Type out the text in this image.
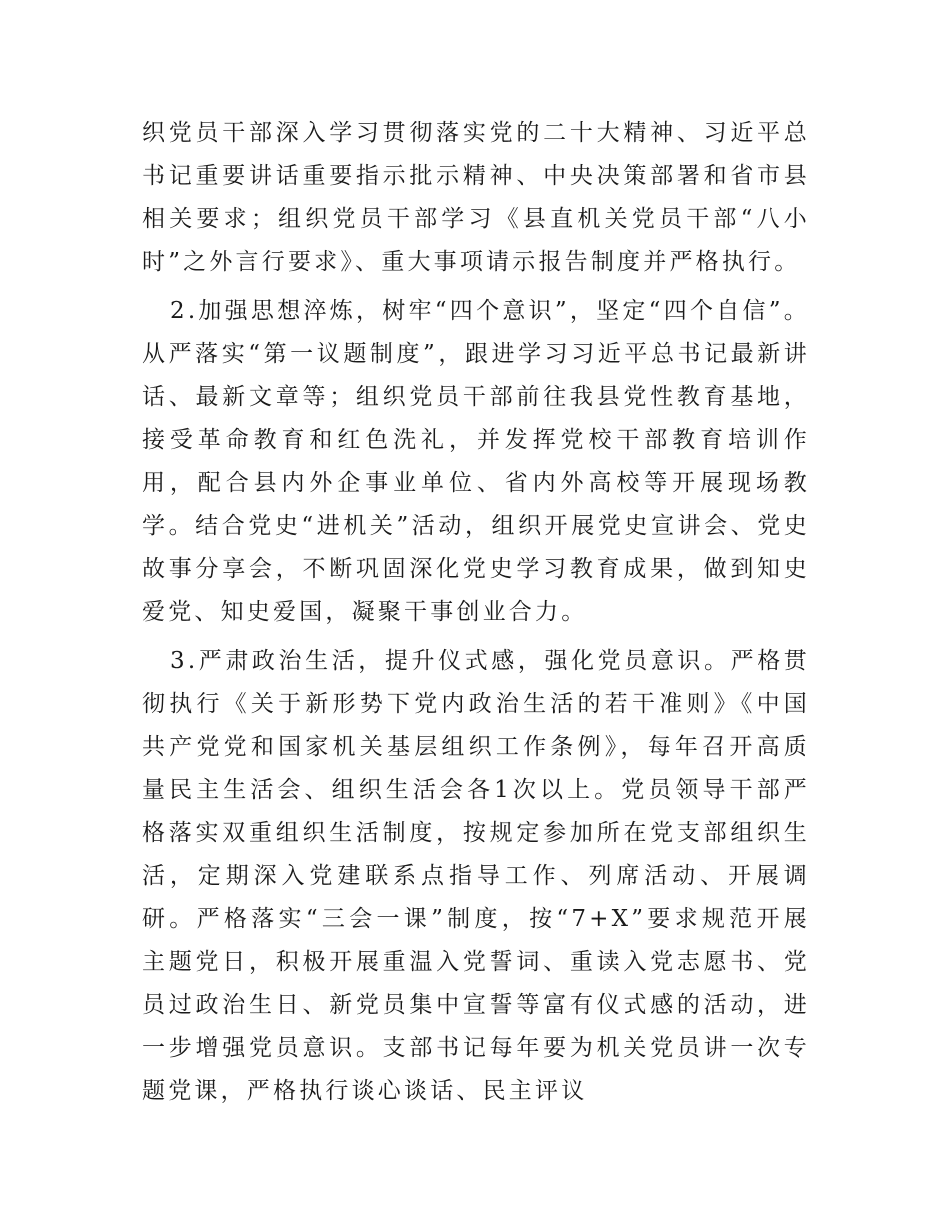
织党员干部深入学习贯彻落实党的二十大精神、习近平总书记重要讲话重要指示批示精神、中央决策部署和省市县相关要求；组织党员干部学习《县直机关党员干部“八小时”之外言行要求》、重大事项请示报告制度并严格执行。

2.加强思想淬炼，树牢“四个意识”，坚定“四个自信”。从严落实“第一议题制度”，跟进学习习近平总书记最新讲话、最新文章等；组织党员干部前往我县党性教育基地，接受革命教育和红色洗礼，并发挥党校干部教育培训作用，配合县内外企事业单位、省内外高校等开展现场教学。结合党史“进机关”活动，组织开展党史宣讲会、党史故事分享会，不断巩固深化党史学习教育成果，做到知史爱党、知史爱国，凝聚干事创业合力。

3.严肃政治生活，提升仪式感，强化党员意识。严格贯彻执行《关于新形势下党内政治生活的若干准则》《中国共产党党和国家机关基层组织工作条例》，每年召开高质量民主生活会、组织生活会各1次以上。党员领导干部严格落实双重组织生活制度，按规定参加所在党支部组织生活，定期深入党建联系点指导工作、列席活动、开展调研。严格落实“三会一课”制度，按“7+X”要求规范开展主题党日，积极开展重温入党誓词、重读入党志愿书、党员过政治生日、新党员集中宣誓等富有仪式感的活动，进一步增强党员意识。支部书记每年要为机关党员讲一次专题党课，严格执行谈心谈话、民主评议
